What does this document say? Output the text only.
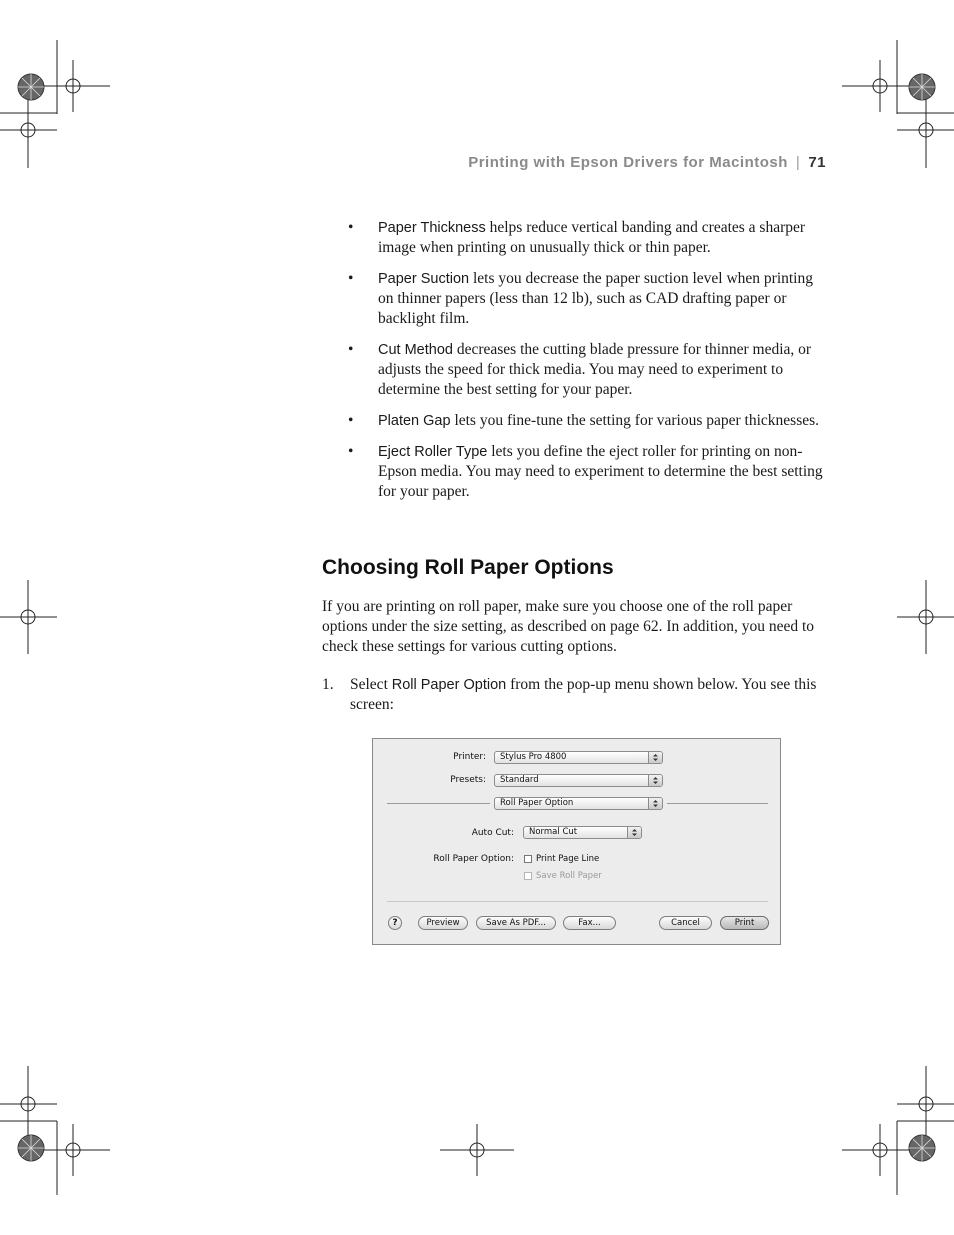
Printing with Epson Drivers for Macintosh | 71
• Paper Thickness helps reduce vertical banding and creates a sharper image when printing on unusually thick or thin paper.
• Paper Suction lets you decrease the paper suction level when printing on thinner papers (less than 12 lb), such as CAD drafting paper or backlight film.
• Cut Method decreases the cutting blade pressure for thinner media, or adjusts the speed for thick media. You may need to experiment to determine the best setting for your paper.
• Platen Gap lets you fine-tune the setting for various paper thicknesses.
• Eject Roller Type lets you define the eject roller for printing on non-Epson media. You may need to experiment to determine the best setting for your paper.
Choosing Roll Paper Options
If you are printing on roll paper, make sure you choose one of the roll paper options under the size setting, as described on page 62. In addition, you need to check these settings for various cutting options.
1. Select Roll Paper Option from the pop-up menu shown below. You see this screen:
Printer:	Stylus Pro 4800
Presets:	Standard
Roll Paper Option
Auto Cut:	Normal Cut
Roll Paper Option:	Print Page Line
Save Roll Paper
?	Preview	Save As PDF...	Fax...	Cancel	Print
